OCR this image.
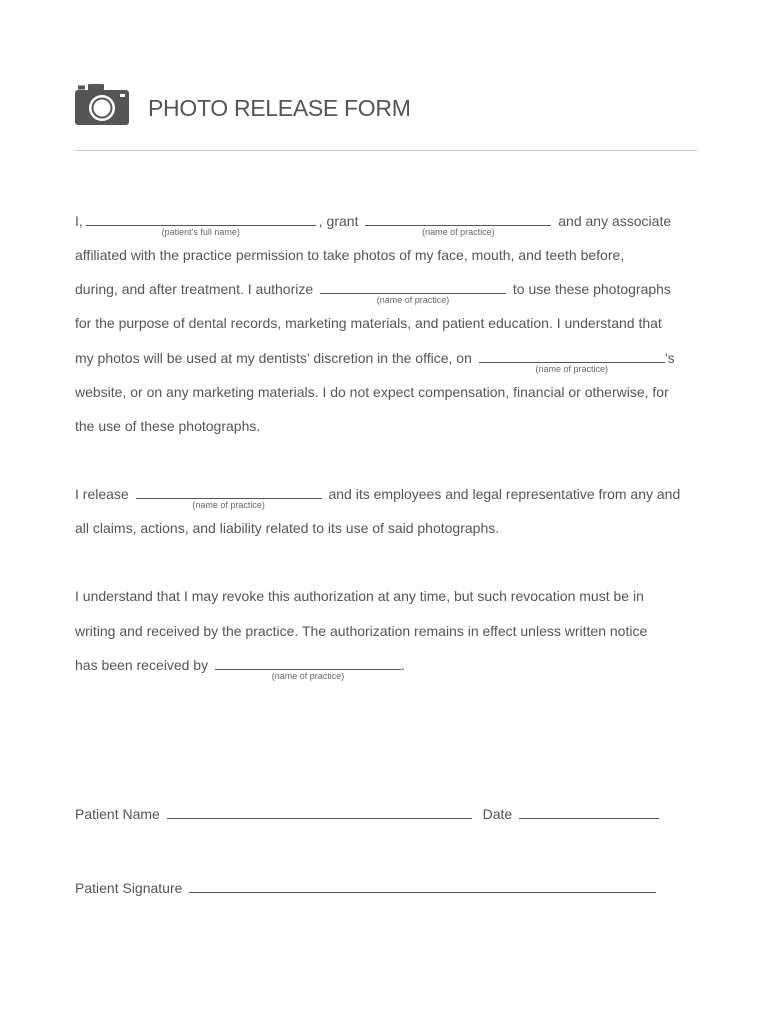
PHOTO RELEASE FORM
I,
(patient's full name)
, grant
(name of practice)
and any associate
affiliated with the practice permission to take photos of my face, mouth, and teeth before,
during, and after treatment. I authorize
(name of practice)
to use these photographs
for the purpose of dental records, marketing materials, and patient education. I understand that
my photos will be used at my dentists’ discretion in the office, on
(name of practice)
’s
website, or on any marketing materials. I do not expect compensation, financial or otherwise, for
the use of these photographs.
I release
(name of practice)
and its employees and legal representative from any and
all claims, actions, and liability related to its use of said photographs.
I understand that I may revoke this authorization at any time, but such revocation must be in
writing and received by the practice. The authorization remains in effect unless written notice
has been received by
(name of practice)
.
Patient Name	Date
Patient Signature
